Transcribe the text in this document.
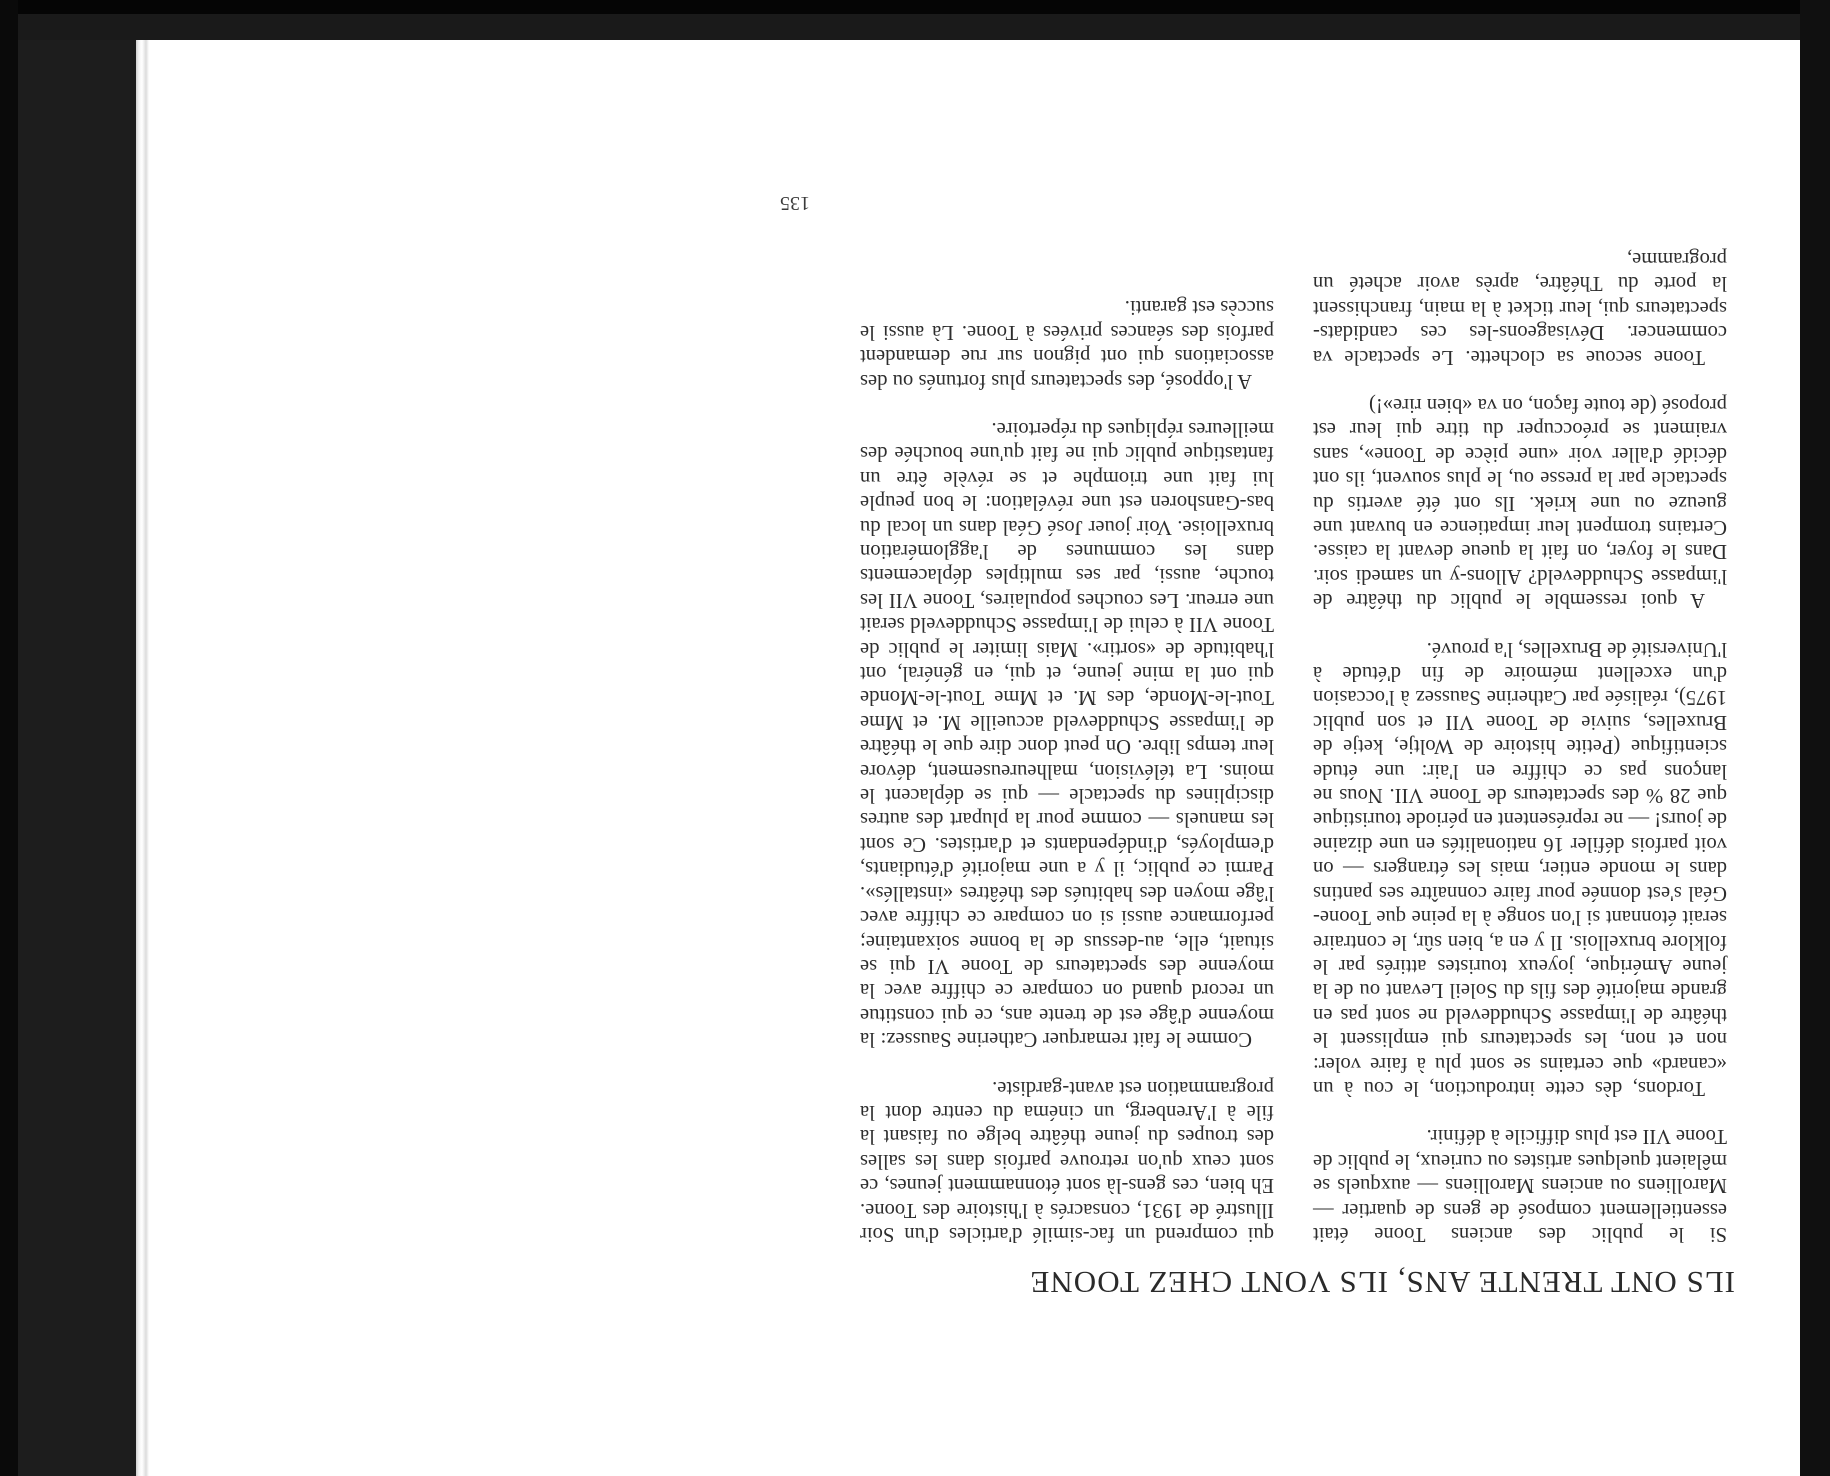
ILS ONT TRENTE ANS, ILS VONT CHEZ TOONE

Si le public des anciens Toone était essentiellement composé de gens de quartier — Marolliens ou anciens Marolliens — auxquels se mêlaient quelques artistes ou curieux, le public de Toone VII est plus difficile à définir.

Tordons, dès cette introduction, le cou à un «canard» que certains se sont plu à faire voler: non et non, les spectateurs qui emplissent le théâtre de l'impasse Schuddeveld ne sont pas en grande majorité des fils du Soleil Levant ou de la jeune Amérique, joyeux touristes attirés par le folklore bruxellois. Il y en a, bien sûr, le contraire serait étonnant si l'on songe à la peine que Toone-Géal s'est donnée pour faire connaître ses pantins dans le monde entier, mais les étrangers — on voit parfois défiler 16 nationalités en une dizaine de jours! — ne représentent en période touristique que 28 % des spectateurs de Toone VII. Nous ne lançons pas ce chiffre en l'air: une étude scientifique (Petite histoire de Woltje, ketje de Bruxelles, suivie de Toone VII et son public 1975), réalisée par Catherine Saussez à l'occasion d'un excellent mémoire de fin d'étude à l'Université de Bruxelles, l'a prouvé.

A quoi ressemble le public du théâtre de l'impasse Schuddeveld? Allons-y un samedi soir. Dans le foyer, on fait la queue devant la caisse. Certains trompent leur impatience en buvant une gueuze ou une kriek. Ils ont été avertis du spectacle par la presse ou, le plus souvent, ils ont décidé d'aller voir «une pièce de Toone», sans vraiment se préoccuper du titre qui leur est proposé (de toute façon, on va «bien rire»!)

Toone secoue sa clochette. Le spectacle va commencer. Dévisageons-les ces candidats-spectateurs qui, leur ticket à la main, franchissent la porte du Théâtre, après avoir acheté un programme,

qui comprend un fac-similé d'articles d'un Soir Illustré de 1931, consacrés à l'histoire des Toone. Eh bien, ces gens-là sont étonnamment jeunes, ce sont ceux qu'on retrouve parfois dans les salles des troupes du jeune théâtre belge ou faisant la file à l'Arenberg, un cinéma du centre dont la programmation est avant-gardiste.

Comme le fait remarquer Catherine Saussez: la moyenne d'âge est de trente ans, ce qui constitue un record quand on compare ce chiffre avec la moyenne des spectateurs de Toone VI qui se situait, elle, au-dessus de la bonne soixantaine; performance aussi si on compare ce chiffre avec l'âge moyen des habitués des théâtres «installés». Parmi ce public, il y a une majorité d'étudiants, d'employés, d'indépendants et d'artistes. Ce sont les manuels — comme pour la plupart des autres disciplines du spectacle — qui se déplacent le moins. La télévision, malheureusement, dévore leur temps libre. On peut donc dire que le théâtre de l'impasse Schuddeveld accueille M. et Mme Tout-le-Monde, des M. et Mme Tout-le-Monde qui ont la mine jeune, et qui, en général, ont l'habitude de «sortir». Mais limiter le public de Toone VII à celui de l'impasse Schuddeveld serait une erreur. Les couches populaires, Toone VII les touche, aussi, par ses multiples déplacements dans les communes de l'agglomération bruxelloise. Voir jouer José Géal dans un local du bas-Ganshoren est une révélation: le bon peuple lui fait une triomphe et se révèle être un fantastique public qui ne fait qu'une bouchée des meilleures répliques du répertoire.

A l'opposé, des spectateurs plus fortunés ou des associations qui ont pignon sur rue demandent parfois des séances privées à Toone. Là aussi le succès est garanti.

135
